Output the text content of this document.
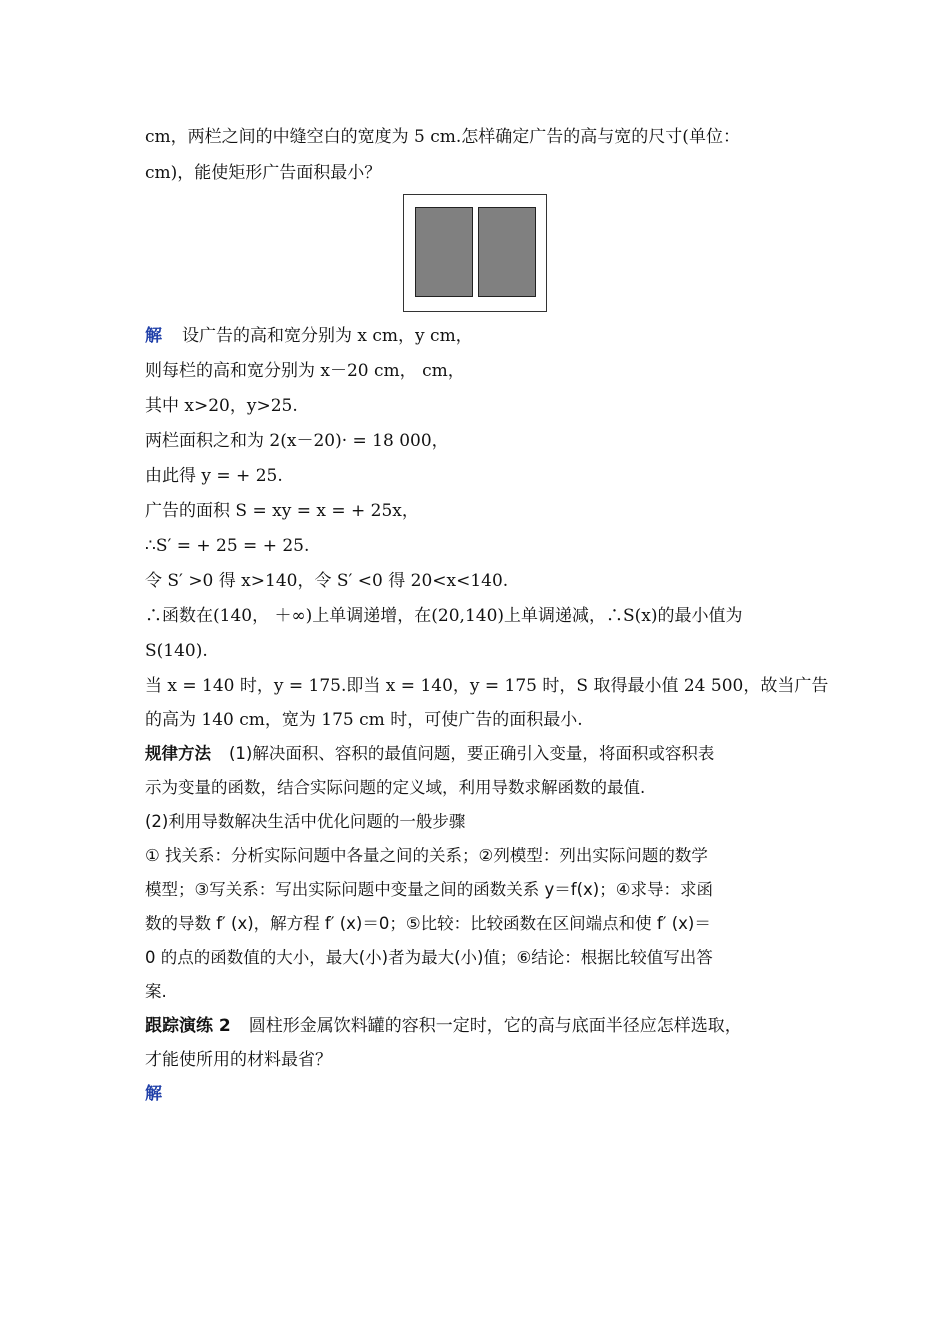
cm，两栏之间的中缝空白的宽度为 5 cm.怎样确定广告的高与宽的尺寸(单位：
cm)，能使矩形广告面积最小？
解 设广告的高和宽分别为 x cm，y cm，
则每栏的高和宽分别为 x－20 cm， cm，
其中 x>20，y>25.
两栏面积之和为 2(x－20)· = 18 000，
由此得 y = + 25.
广告的面积 S = xy = x = + 25x，
∴S′ = + 25 = + 25.
令 S′ >0 得 x>140，令 S′ <0 得 20<x<140.
∴函数在(140， ＋∞)上单调递增，在(20,140)上单调递减，∴S(x)的最小值为
S(140).
当 x = 140 时，y = 175.即当 x = 140，y = 175 时，S 取得最小值 24 500，故当广告
的高为 140 cm，宽为 175 cm 时，可使广告的面积最小.
规律方法 (1)解决面积、容积的最值问题，要正确引入变量，将面积或容积表
示为变量的函数，结合实际问题的定义域，利用导数求解函数的最值.
(2)利用导数解决生活中优化问题的一般步骤
① 找关系：分析实际问题中各量之间的关系；②列模型：列出实际问题的数学
模型；③写关系：写出实际问题中变量之间的函数关系 y＝f(x)；④求导：求函
数的导数 f′ (x)，解方程 f′ (x)＝0；⑤比较：比较函数在区间端点和使 f′ (x)＝
0 的点的函数值的大小，最大(小)者为最大(小)值；⑥结论：根据比较值写出答
案.
跟踪演练 2 圆柱形金属饮料罐的容积一定时，它的高与底面半径应怎样选取，
才能使所用的材料最省？
解
